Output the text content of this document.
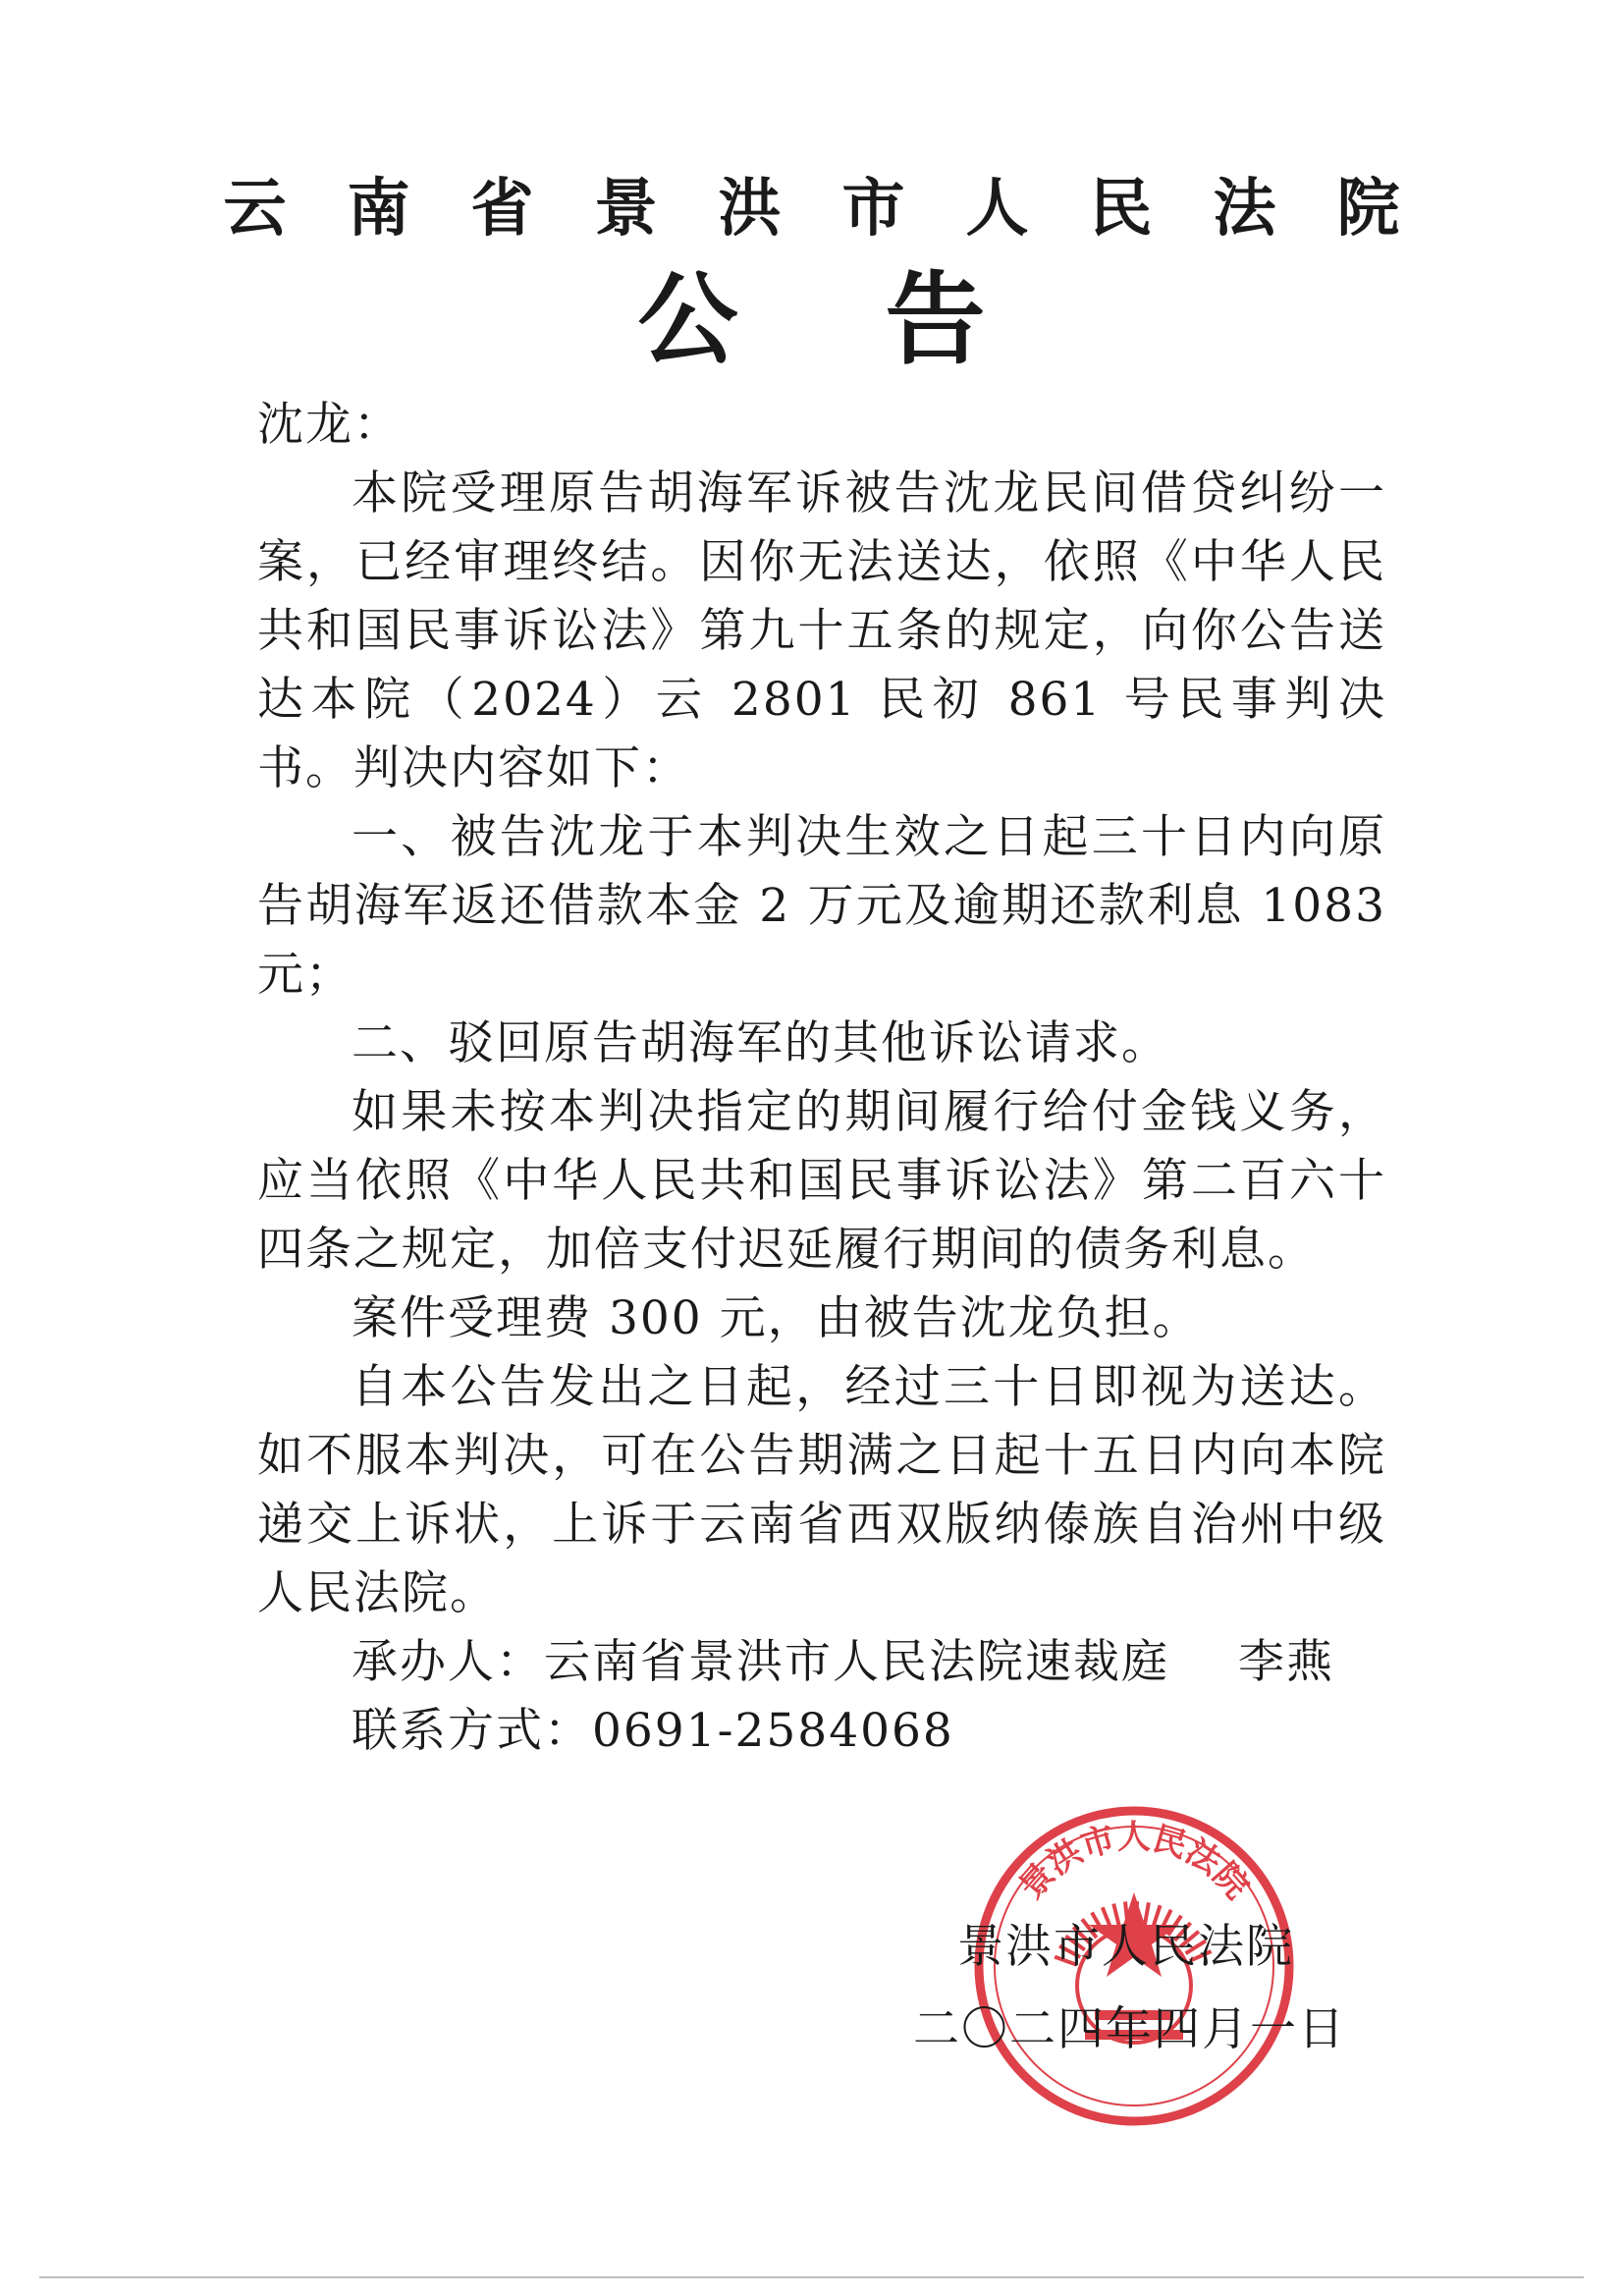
云南省景洪市人民法院
公告

沈龙：

本院受理原告胡海军诉被告沈龙民间借贷纠纷一案，已经审理终结。因你无法送达，依照《中华人民共和国民事诉讼法》第九十五条的规定，向你公告送达本院（2024）云 2801 民初 861 号民事判决书。判决内容如下：

一、被告沈龙于本判决生效之日起三十日内向原告胡海军返还借款本金 2 万元及逾期还款利息 1083 元；

二、驳回原告胡海军的其他诉讼请求。

如果未按本判决指定的期间履行给付金钱义务，应当依照《中华人民共和国民事诉讼法》第二百六十四条之规定，加倍支付迟延履行期间的债务利息。

案件受理费 300 元，由被告沈龙负担。

自本公告发出之日起，经过三十日即视为送达。如不服本判决，可在公告期满之日起十五日内向本院递交上诉状，上诉于云南省西双版纳傣族自治州中级人民法院。

承办人：云南省景洪市人民法院速裁庭 李燕

联系方式：0691-2584068

景洪市人民法院
景洪市人民法院
二〇二四年四月一日
